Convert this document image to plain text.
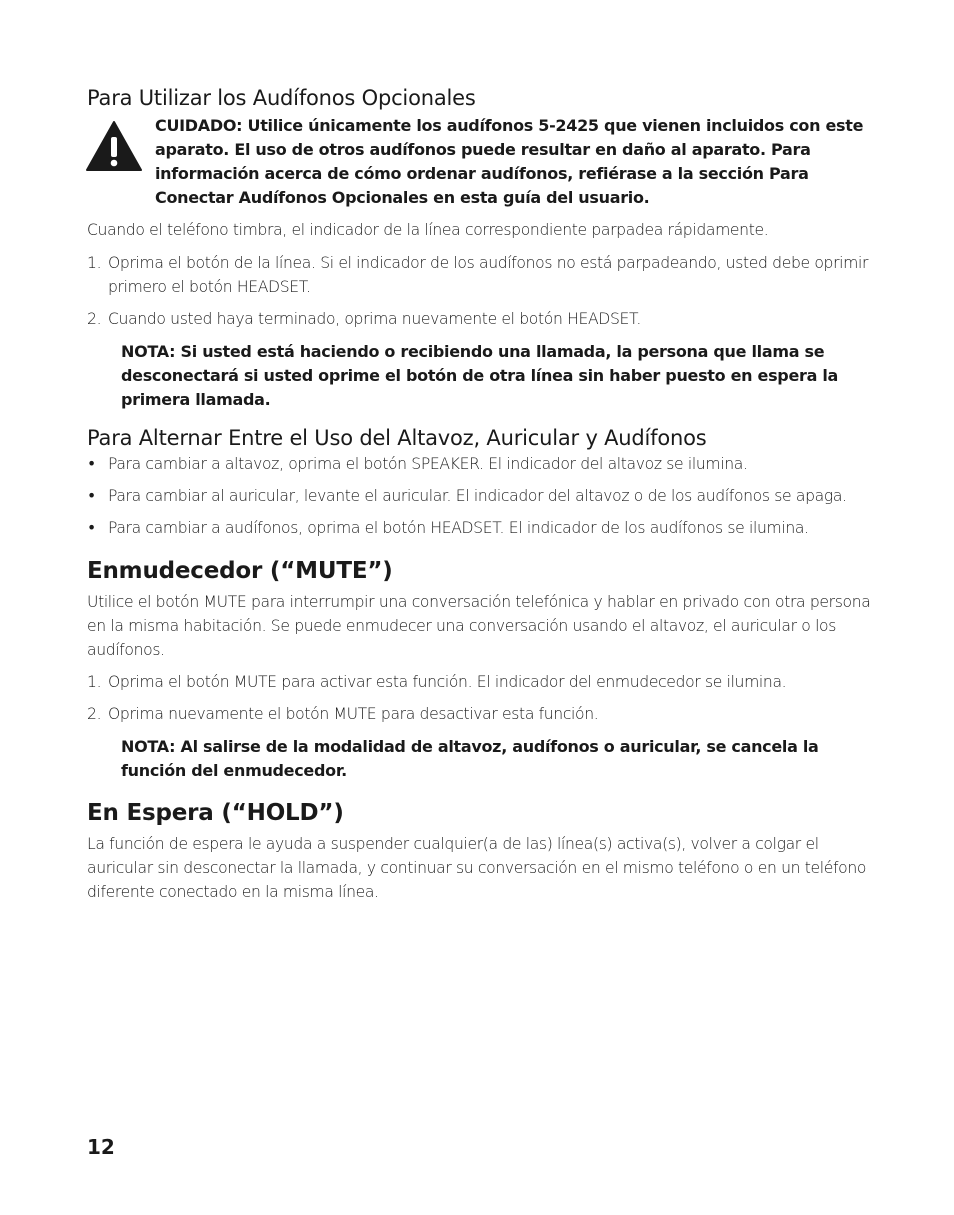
Para Utilizar los Audífonos Opcionales

CUIDADO: Utilice únicamente los audífonos 5-2425 que vienen incluidos con este aparato. El uso de otros audífonos puede resultar en daño al aparato. Para información acerca de cómo ordenar audífonos, refiérase a la sección Para Conectar Audífonos Opcionales en esta guía del usuario.

Cuando el teléfono timbra, el indicador de la línea correspondiente parpadea rápidamente.

1. Oprima el botón de la línea. Si el indicador de los audífonos no está parpadeando, usted debe oprimir primero el botón HEADSET.
2. Cuando usted haya terminado, oprima nuevamente el botón HEADSET.

NOTA: Si usted está haciendo o recibiendo una llamada, la persona que llama se desconectará si usted oprime el botón de otra línea sin haber puesto en espera la primera llamada.

Para Alternar Entre el Uso del Altavoz, Auricular y Audífonos
• Para cambiar a altavoz, oprima el botón SPEAKER. El indicador del altavoz se ilumina.
• Para cambiar al auricular, levante el auricular. El indicador del altavoz o de los audífonos se apaga.
• Para cambiar a audífonos, oprima el botón HEADSET. El indicador de los audífonos se ilumina.
Enmudecedor (“MUTE”)

Utilice el botón MUTE para interrumpir una conversación telefónica y hablar en privado con otra persona en la misma habitación. Se puede enmudecer una conversación usando el altavoz, el auricular o los audífonos.

1. Oprima el botón MUTE para activar esta función. El indicador del enmudecedor se ilumina.
2. Oprima nuevamente el botón MUTE para desactivar esta función.

NOTA: Al salirse de la modalidad de altavoz, audífonos o auricular, se cancela la función del enmudecedor.

En Espera (“HOLD”)

La función de espera le ayuda a suspender cualquier(a de las) línea(s) activa(s), volver a colgar el auricular sin desconectar la llamada, y continuar su conversación en el mismo teléfono o en un teléfono diferente conectado en la misma línea.

12
